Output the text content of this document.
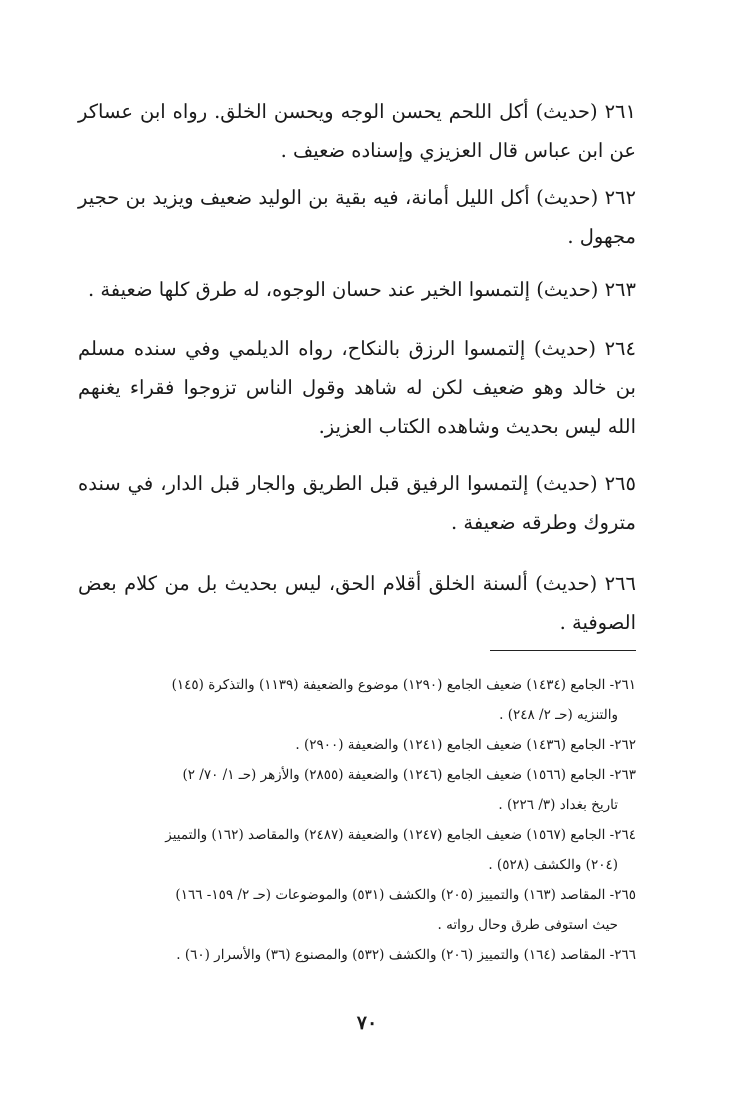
٢٦١ (حديث) أكل اللحم يحسن الوجه ويحسن الخلق. رواه ابن عساكر عن ابن عباس قال العزيزي وإسناده ضعيف .

٢٦٢ (حديث) أكل الليل أمانة، فيه بقية بن الوليد ضعيف ويزيد بن حجير مجهول .

٢٦٣ (حديث) إلتمسوا الخير عند حسان الوجوه، له طرق كلها ضعيفة .

٢٦٤ (حديث) إلتمسوا الرزق بالنكاح، رواه الديلمي وفي سنده مسلم بن خالد وهو ضعيف لكن له شاهد وقول الناس تزوجوا فقراء يغنهم الله ليس بحديث وشاهده الكتاب العزيز.

٢٦٥ (حديث) إلتمسوا الرفيق قبل الطريق والجار قبل الدار، في سنده متروك وطرقه ضعيفة .

٢٦٦ (حديث) ألسنة الخلق أقلام الحق، ليس بحديث بل من كلام بعض الصوفية .

٢٦١- الجامع (١٤٣٤) ضعيف الجامع (١٢٩٠) موضوع والضعيفة (١١٣٩) والتذكرة (١٤٥)
والتنزيه (حـ ٢/ ٢٤٨) .

٢٦٢- الجامع (١٤٣٦) ضعيف الجامع (١٢٤١) والضعيفة (٢٩٠٠) .

٢٦٣- الجامع (١٥٦٦) ضعيف الجامع (١٢٤٦) والضعيفة (٢٨٥٥) والأزهر (حـ ١/ ٧٠/ ٢)
تاريخ بغداد (٣/ ٢٢٦) .

٢٦٤- الجامع (١٥٦٧) ضعيف الجامع (١٢٤٧) والضعيفة (٢٤٨٧) والمقاصد (١٦٢) والتمييز
(٢٠٤) والكشف (٥٢٨) .

٢٦٥- المقاصد (١٦٣) والتمييز (٢٠٥) والكشف (٥٣١) والموضوعات (حـ ٢/ ١٥٩- ١٦٦)
حيث استوفى طرق وحال رواته .

٢٦٦- المقاصد (١٦٤) والتمييز (٢٠٦) والكشف (٥٣٢) والمصنوع (٣٦) والأسرار (٦٠) .

٧٠
